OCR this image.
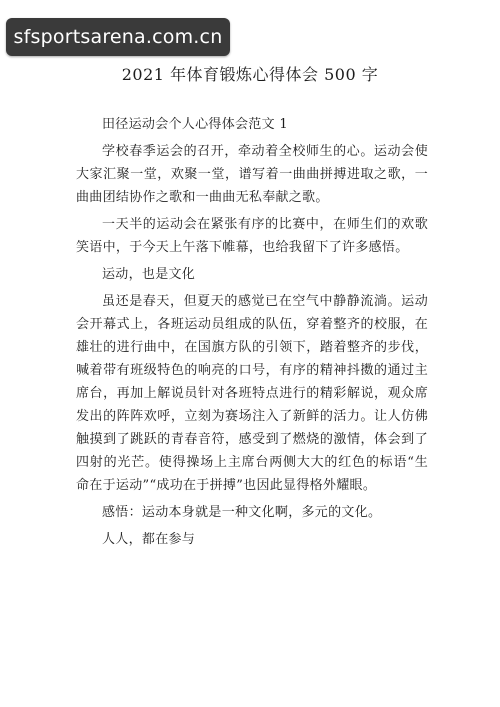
2021 年体育锻炼心得体会 500 字

田径运动会个人心得体会范文 1

学校春季运会的召开，牵动着全校师生的心。运动会使大家汇聚一堂，欢聚一堂，谱写着一曲曲拼搏进取之歌，一曲曲团结协作之歌和一曲曲无私奉献之歌。

一天半的运动会在紧张有序的比赛中，在师生们的欢歌笑语中，于今天上午落下帷幕，也给我留下了许多感悟。

运动，也是文化

虽还是春天，但夏天的感觉已在空气中静静流淌。运动会开幕式上，各班运动员组成的队伍，穿着整齐的校服，在雄壮的进行曲中，在国旗方队的引领下，踏着整齐的步伐，喊着带有班级特色的响亮的口号，有序的精神抖擞的通过主席台，再加上解说员针对各班特点进行的精彩解说，观众席发出的阵阵欢呼，立刻为赛场注入了新鲜的活力。让人仿佛触摸到了跳跃的青春音符，感受到了燃烧的激情，体会到了四射的光芒。使得操场上主席台两侧大大的红色的标语“生命在于运动”“成功在于拼搏”也因此显得格外耀眼。

感悟：运动本身就是一种文化啊，多元的文化。

人人，都在参与

sfsportsarena.com.cn
